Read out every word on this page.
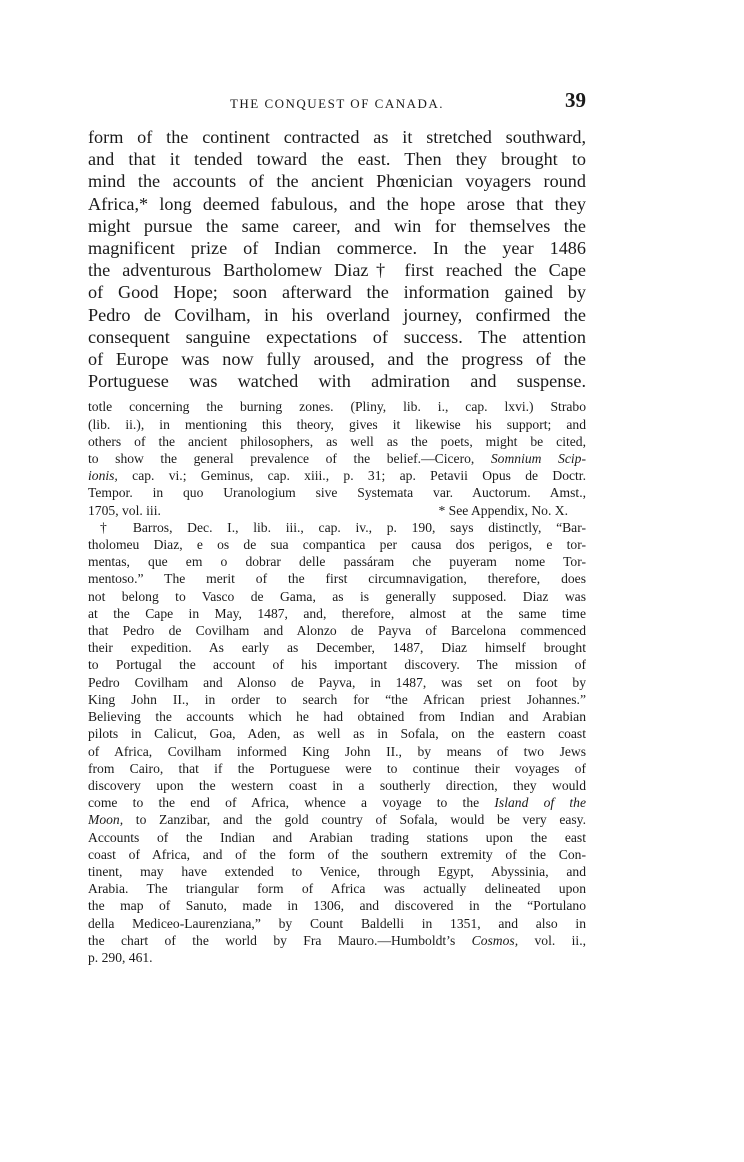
THE CONQUEST OF CANADA.	39
form of the continent contracted as it stretched southward,
and that it tended toward the east. Then they brought to
mind the accounts of the ancient Phœnician voyagers round
Africa,* long deemed fabulous, and the hope arose that they
might pursue the same career, and win for themselves the
magnificent prize of Indian commerce. In the year 1486
the adventurous Bartholomew Diaz† first reached the Cape
of Good Hope; soon afterward the information gained by
Pedro de Covilham, in his overland journey, confirmed the
consequent sanguine expectations of success. The attention
of Europe was now fully aroused, and the progress of the
Portuguese was watched with admiration and suspense.
totle concerning the burning zones. (Pliny, lib. i., cap. lxvi.) Strabo
(lib. ii.), in mentioning this theory, gives it likewise his support; and
others of the ancient philosophers, as well as the poets, might be cited,
to show the general prevalence of the belief.—Cicero, Somnium Scip-
ionis, cap. vi.; Geminus, cap. xiii., p. 31; ap. Petavii Opus de Doctr.
Tempor. in quo Uranologium sive Systemata var. Auctorum. Amst.,
1705, vol. iii.	* See Appendix, No. X.
† Barros, Dec. I., lib. iii., cap. iv., p. 190, says distinctly, “Bar-
tholomeu Diaz, e os de sua compantica per causa dos perigos, e tor-
mentas, que em o dobrar delle passáram che puyeram nome Tor-
mentoso.” The merit of the first circumnavigation, therefore, does
not belong to Vasco de Gama, as is generally supposed. Diaz was
at the Cape in May, 1487, and, therefore, almost at the same time
that Pedro de Covilham and Alonzo de Payva of Barcelona commenced
their expedition. As early as December, 1487, Diaz himself brought
to Portugal the account of his important discovery. The mission of
Pedro Covilham and Alonso de Payva, in 1487, was set on foot by
King John II., in order to search for “the African priest Johannes.”
Believing the accounts which he had obtained from Indian and Arabian
pilots in Calicut, Goa, Aden, as well as in Sofala, on the eastern coast
of Africa, Covilham informed King John II., by means of two Jews
from Cairo, that if the Portuguese were to continue their voyages of
discovery upon the western coast in a southerly direction, they would
come to the end of Africa, whence a voyage to the Island of the
Moon, to Zanzibar, and the gold country of Sofala, would be very easy.
Accounts of the Indian and Arabian trading stations upon the east
coast of Africa, and of the form of the southern extremity of the Con-
tinent, may have extended to Venice, through Egypt, Abyssinia, and
Arabia. The triangular form of Africa was actually delineated upon
the map of Sanuto, made in 1306, and discovered in the “Portulano
della Mediceo-Laurenziana,” by Count Baldelli in 1351, and also in
the chart of the world by Fra Mauro.—Humboldt’s Cosmos, vol. ii.,
p. 290, 461.
